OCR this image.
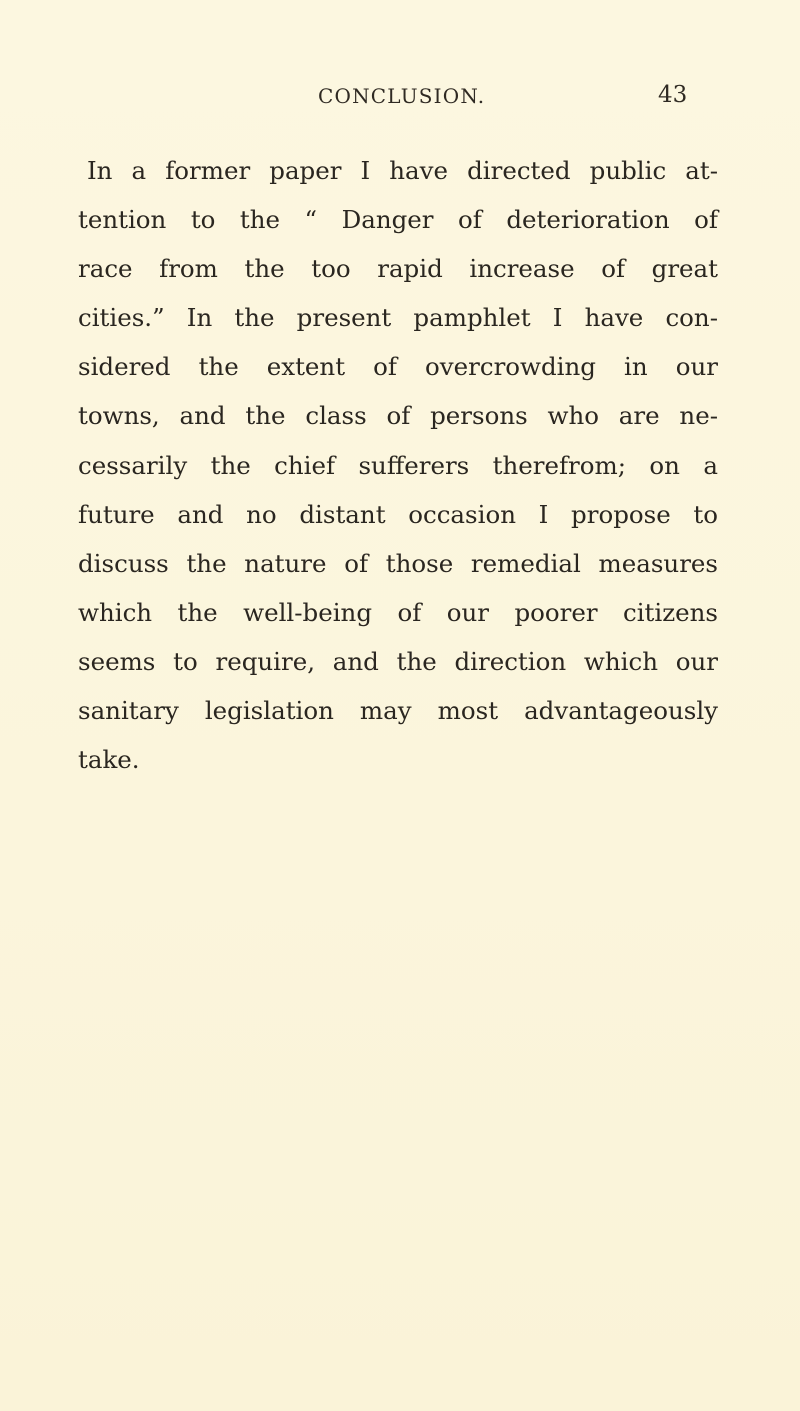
CONCLUSION.	43
In a former paper I have directed public at-
tention to the “ Danger of deterioration of
race from the too rapid increase of great
cities.” In the present pamphlet I have con-
sidered the extent of overcrowding in our
towns, and the class of persons who are ne-
cessarily the chief sufferers therefrom; on a
future and no distant occasion I propose to
discuss the nature of those remedial measures
which the well-being of our poorer citizens
seems to require, and the direction which our
sanitary legislation may most advantageously
take.
